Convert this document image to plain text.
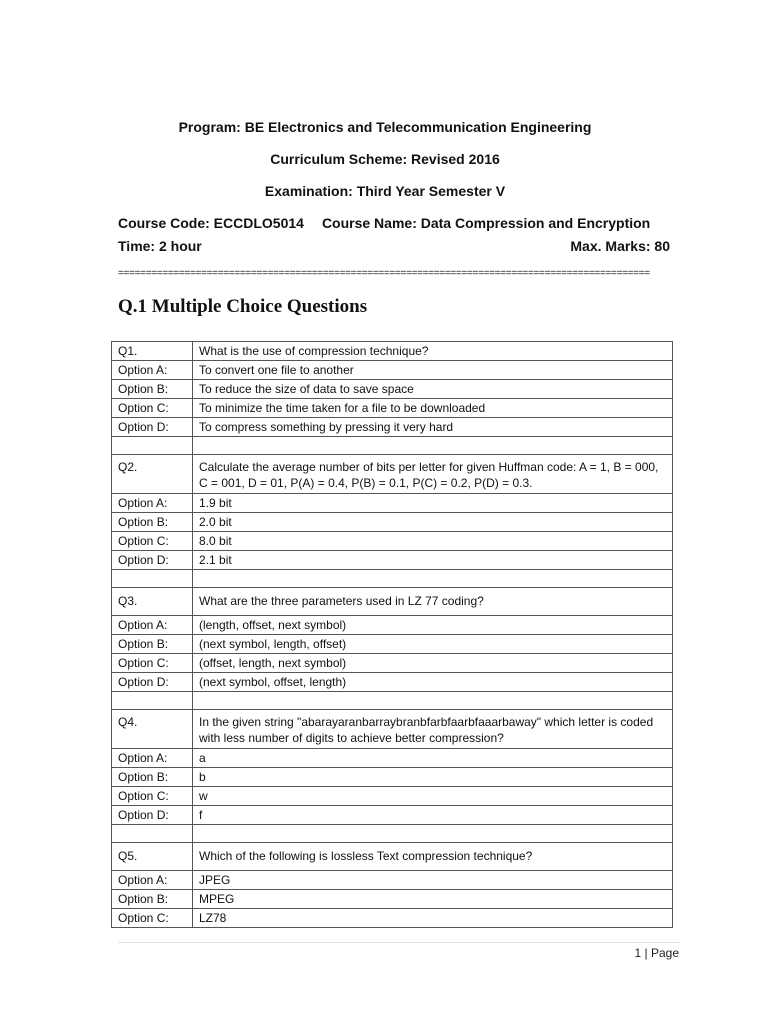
Program: BE Electronics and Telecommunication Engineering
Curriculum Scheme: Revised 2016
Examination: Third Year Semester V
Course Code: ECCDLO5014 Course Name: Data Compression and Encryption
Time: 2 hour	Max. Marks: 80
================================================================================================
Q.1 Multiple Choice Questions
Q1.	What is the use of compression technique?
Option A:	To convert one file to another
Option B:	To reduce the size of data to save space
Option C:	To minimize the time taken for a file to be downloaded
Option D:	To compress something by pressing it very hard

Q2.	Calculate the average number of bits per letter for given Huffman code: A = 1, B = 000, C = 001, D = 01, P(A) = 0.4, P(B) = 0.1, P(C) = 0.2, P(D) = 0.3.
Option A:	1.9 bit
Option B:	2.0 bit
Option C:	8.0 bit
Option D:	2.1 bit

Q3.	What are the three parameters used in LZ 77 coding?
Option A:	(length, offset, next symbol)
Option B:	(next symbol, length, offset)
Option C:	(offset, length, next symbol)
Option D:	(next symbol, offset, length)

Q4.	In the given string "abarayaranbarraybranbfarbfaarbfaaarbaway" which letter is coded with less number of digits to achieve better compression?
Option A:	a
Option B:	b
Option C:	w
Option D:	f

Q5.	Which of the following is lossless Text compression technique?
Option A:	JPEG
Option B:	MPEG
Option C:	LZ78
1 | Page
